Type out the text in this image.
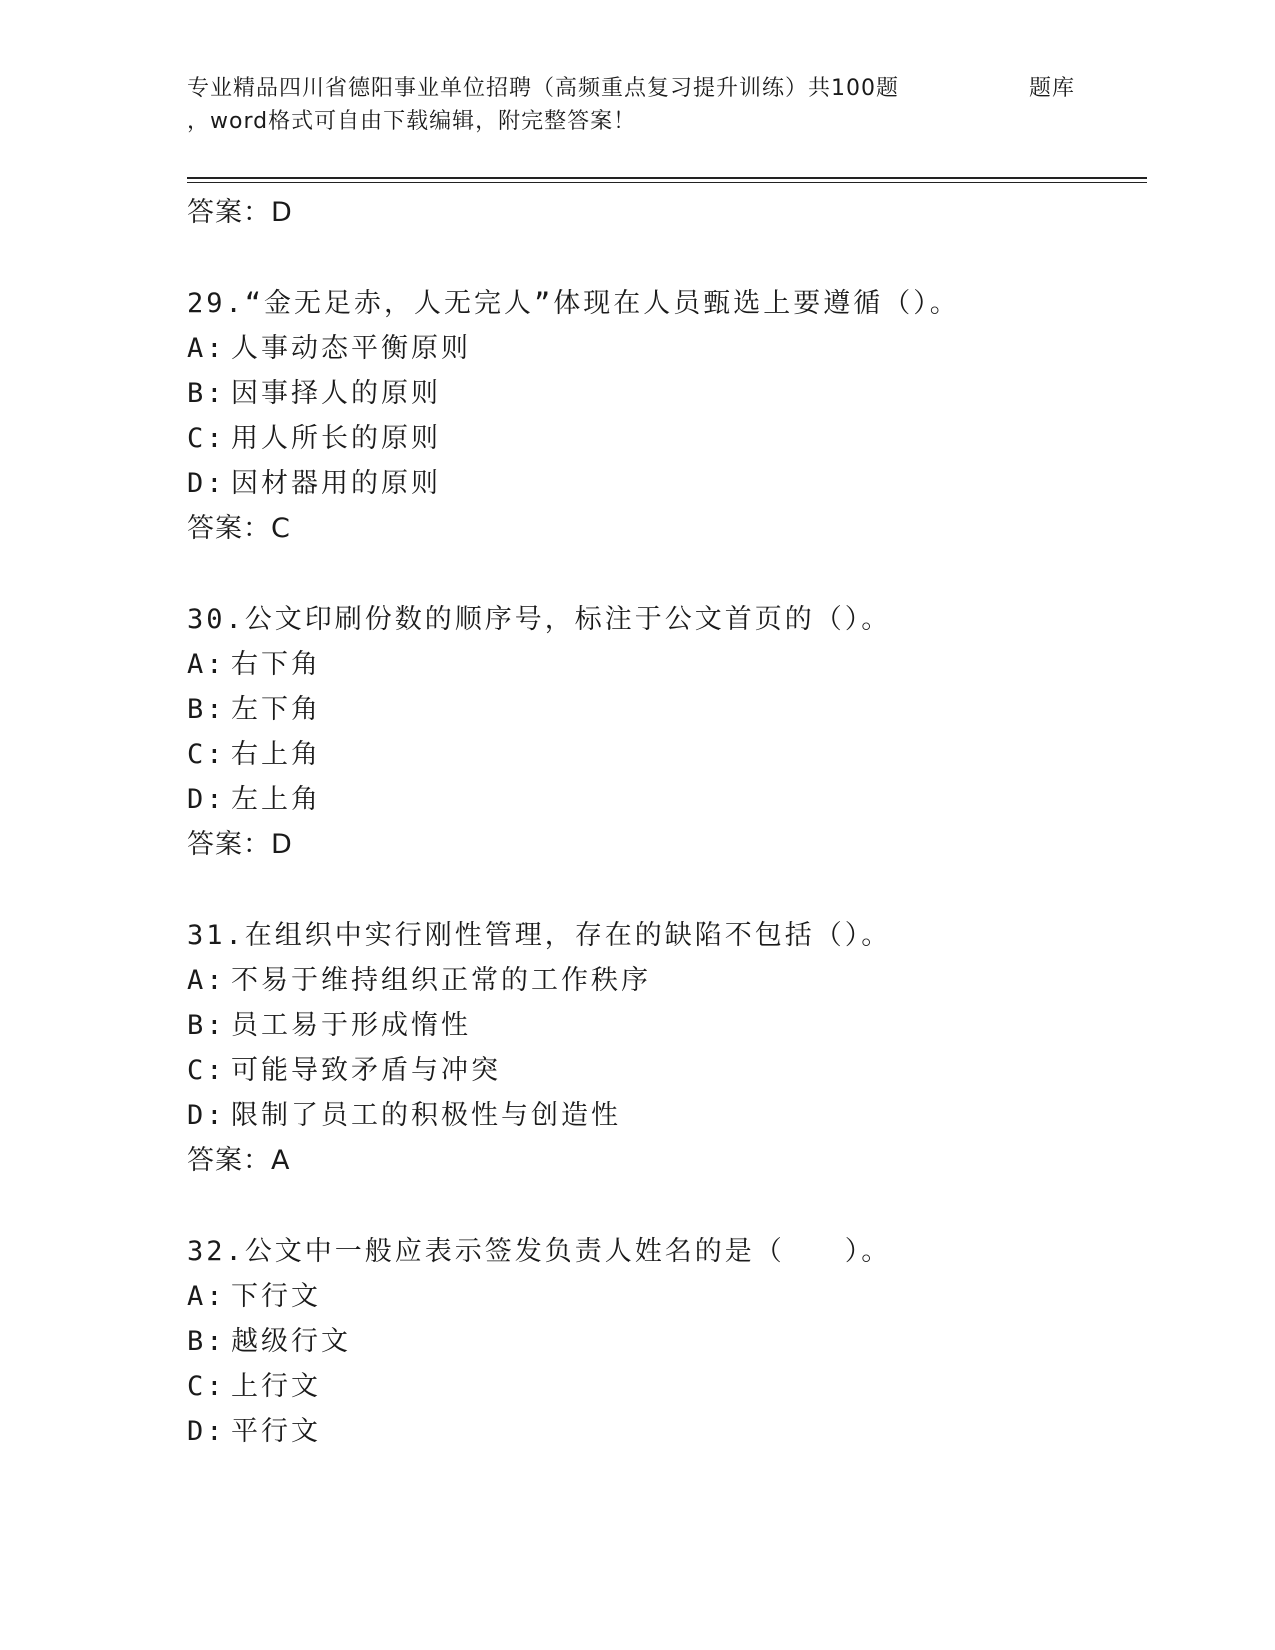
专业精品四川省德阳事业单位招聘（高频重点复习提升训练）共100题	题库
，word格式可自由下载编辑，附完整答案！
答案：D
29.“金无足赤，人无完人”体现在人员甄选上要遵循（）。
A: 人事动态平衡原则
B: 因事择人的原则
C: 用人所长的原则
D: 因材器用的原则
答案：C
30.公文印刷份数的顺序号，标注于公文首页的（）。
A: 右下角
B: 左下角
C: 右上角
D: 左上角
答案：D
31.在组织中实行刚性管理，存在的缺陷不包括（）。
A: 不易于维持组织正常的工作秩序
B: 员工易于形成惰性
C: 可能导致矛盾与冲突
D: 限制了员工的积极性与创造性
答案：A
32.公文中一般应表示签发负责人姓名的是（　　）。
A: 下行文
B: 越级行文
C: 上行文
D: 平行文
